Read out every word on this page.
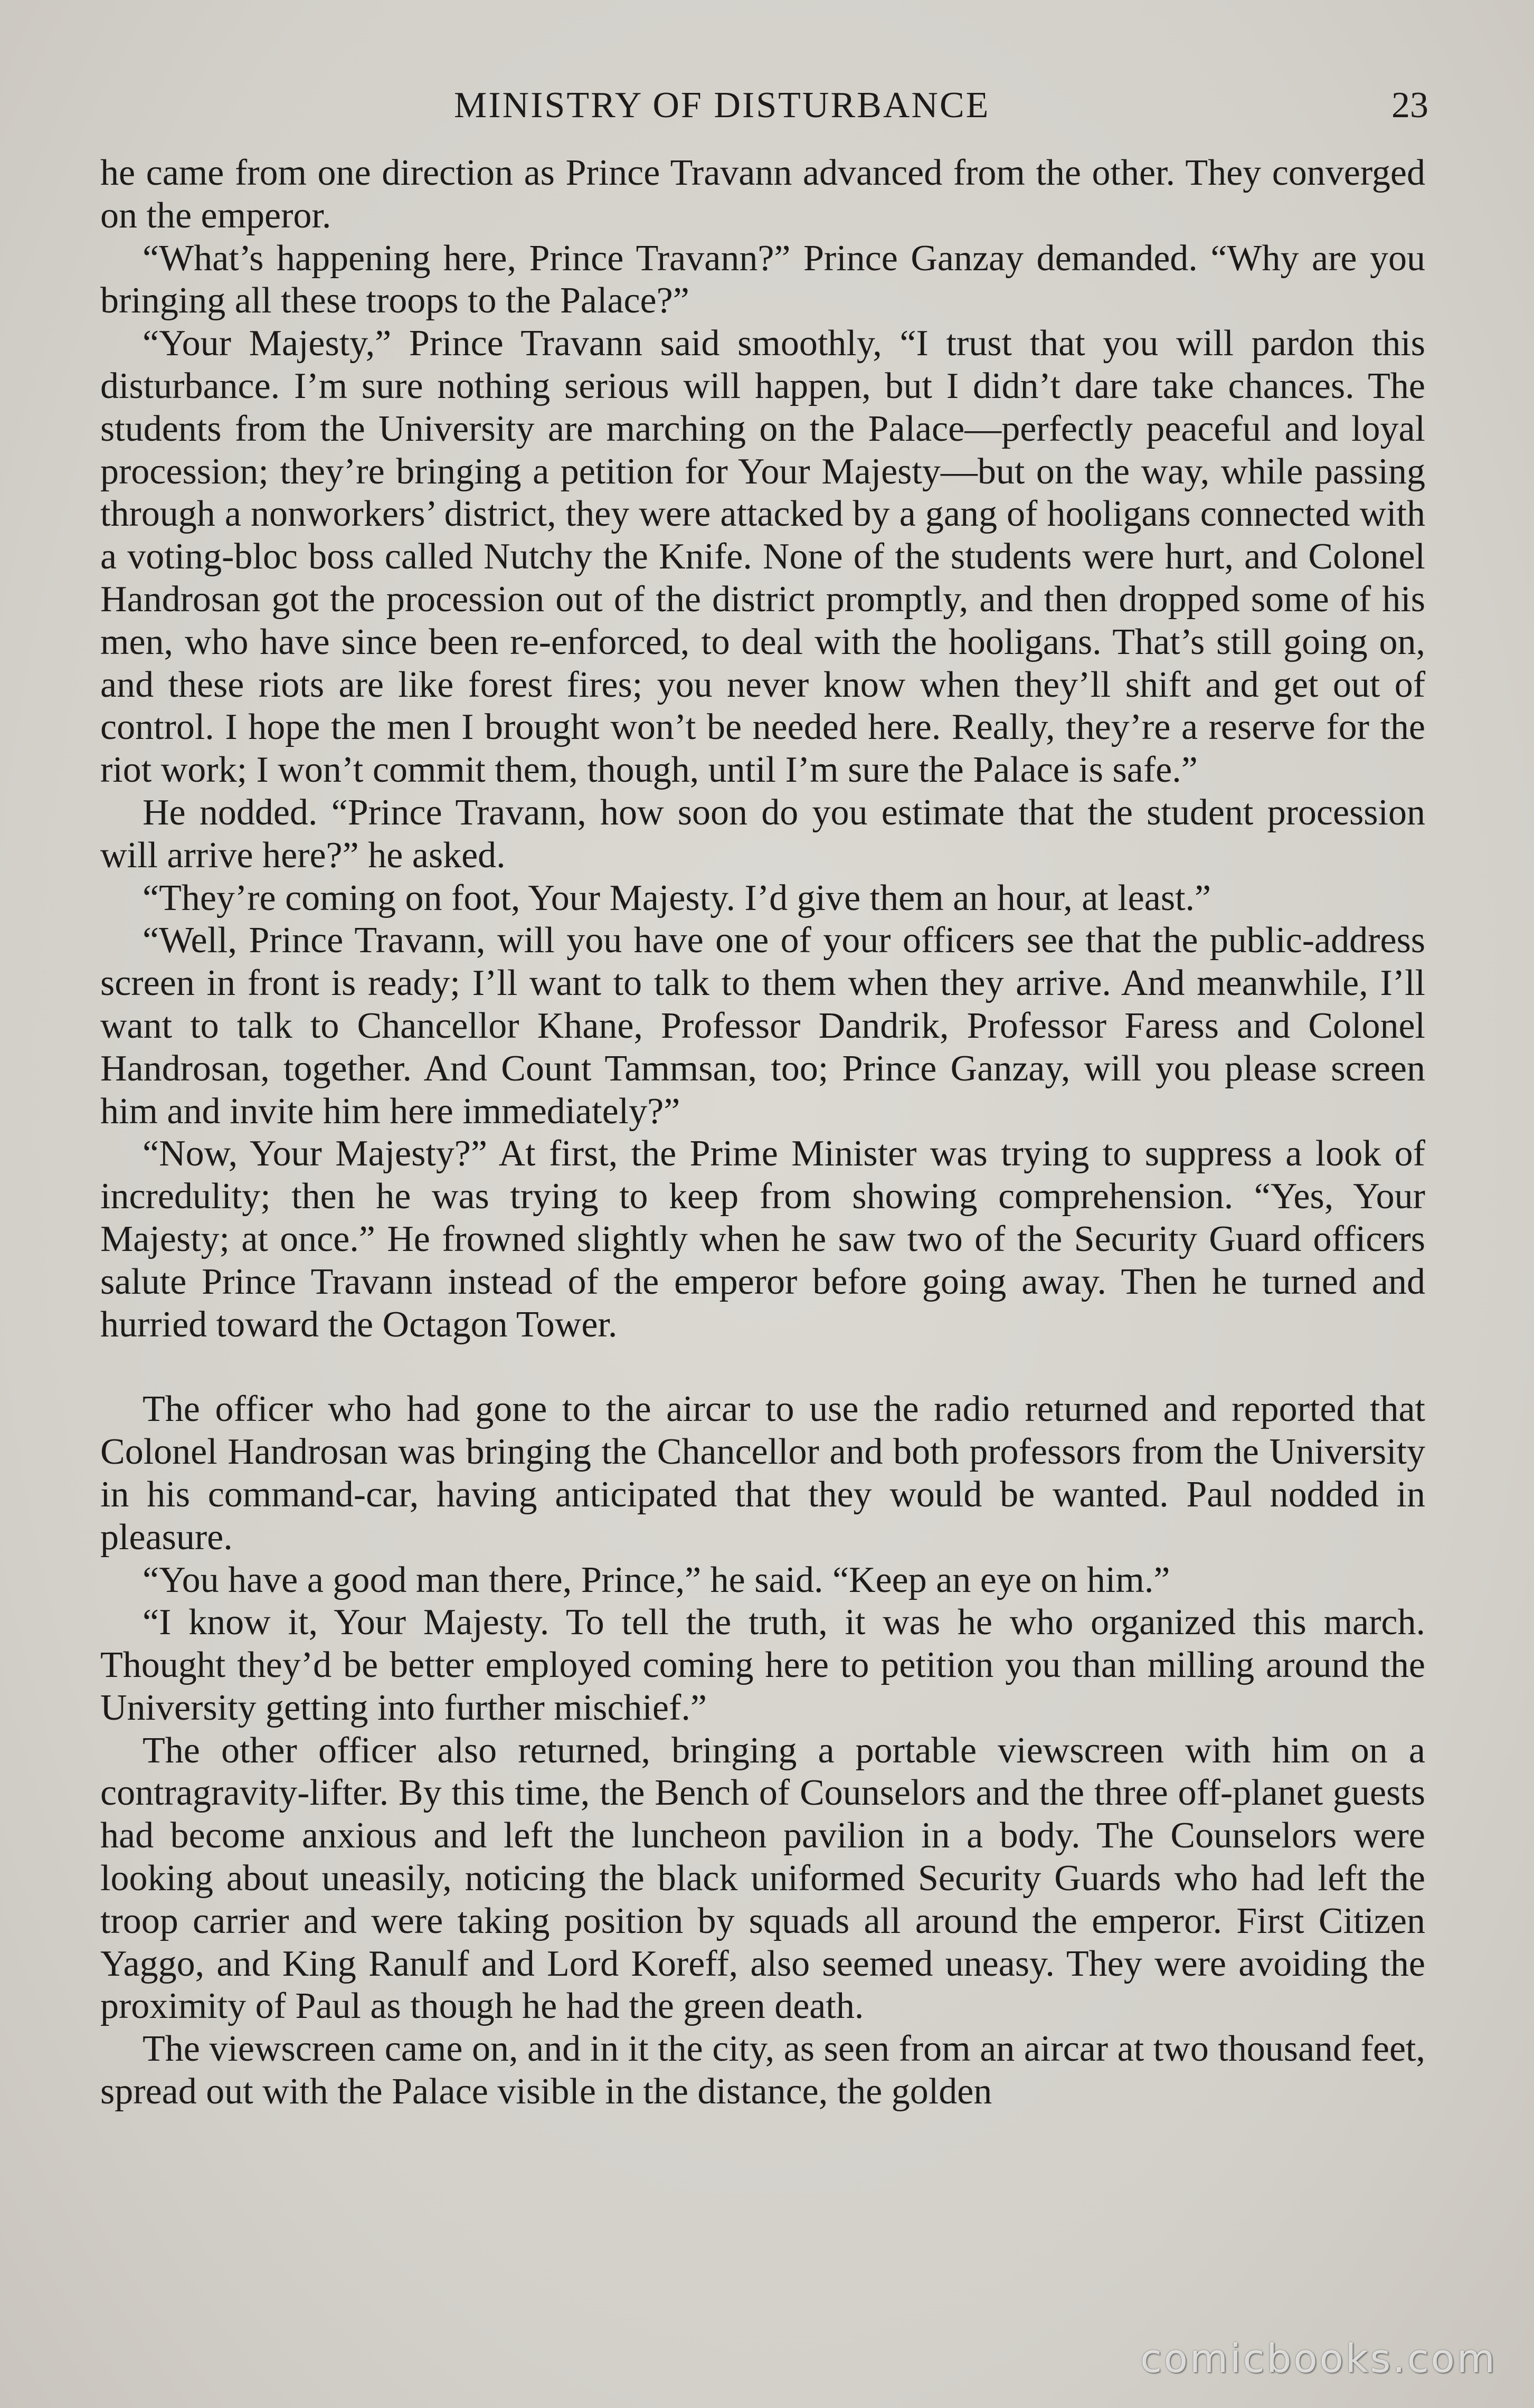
MINISTRY OF DISTURBANCE	23

he came from one direction as Prince Travann advanced from the other. They converged on the emperor.

“What’s happening here, Prince Travann?” Prince Ganzay demanded. “Why are you bringing all these troops to the Palace?”

“Your Majesty,” Prince Travann said smoothly, “I trust that you will pardon this disturbance. I’m sure nothing serious will happen, but I didn’t dare take chances. The students from the University are marching on the Palace—perfectly peaceful and loyal procession; they’re bringing a petition for Your Majesty—but on the way, while passing through a nonworkers’ district, they were attacked by a gang of hooligans connected with a voting-bloc boss called Nutchy the Knife. None of the students were hurt, and Colonel Handrosan got the procession out of the district promptly, and then dropped some of his men, who have since been re-enforced, to deal with the hooligans. That’s still going on, and these riots are like forest fires; you never know when they’ll shift and get out of control. I hope the men I brought won’t be needed here. Really, they’re a reserve for the riot work; I won’t commit them, though, until I’m sure the Palace is safe.”

He nodded. “Prince Travann, how soon do you estimate that the student procession will arrive here?” he asked.

“They’re coming on foot, Your Majesty. I’d give them an hour, at least.”

“Well, Prince Travann, will you have one of your officers see that the public-address screen in front is ready; I’ll want to talk to them when they arrive. And meanwhile, I’ll want to talk to Chancellor Khane, Professor Dandrik, Professor Faress and Colonel Handrosan, together. And Count Tammsan, too; Prince Ganzay, will you please screen him and invite him here immediately?”

“Now, Your Majesty?” At first, the Prime Minister was trying to suppress a look of incredulity; then he was trying to keep from showing comprehension. “Yes, Your Majesty; at once.” He frowned slightly when he saw two of the Security Guard officers salute Prince Travann instead of the emperor before going away. Then he turned and hurried toward the Octagon Tower.

The officer who had gone to the aircar to use the radio returned and reported that Colonel Handrosan was bringing the Chancellor and both professors from the University in his command-car, having anticipated that they would be wanted. Paul nodded in pleasure.

“You have a good man there, Prince,” he said. “Keep an eye on him.”

“I know it, Your Majesty. To tell the truth, it was he who organized this march. Thought they’d be better employed coming here to petition you than milling around the University getting into further mischief.”

The other officer also returned, bringing a portable viewscreen with him on a contragravity-lifter. By this time, the Bench of Counselors and the three off-planet guests had become anxious and left the luncheon pavilion in a body. The Counselors were looking about uneasily, noticing the black uniformed Security Guards who had left the troop carrier and were taking position by squads all around the emperor. First Citizen Yaggo, and King Ranulf and Lord Koreff, also seemed uneasy. They were avoiding the proximity of Paul as though he had the green death.

The viewscreen came on, and in it the city, as seen from an aircar at two thousand feet, spread out with the Palace visible in the distance, the golden

comicbooks.com
